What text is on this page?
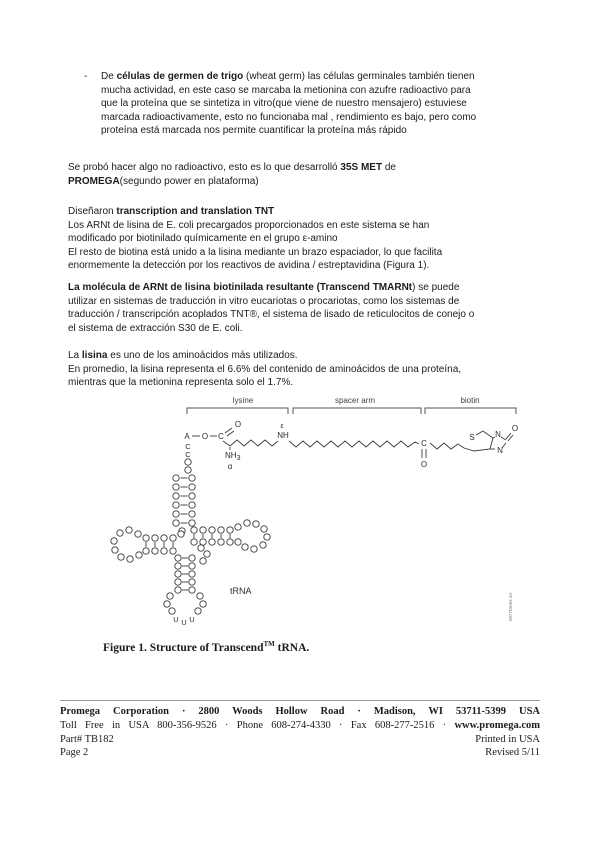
-	De células de germen de trigo (wheat germ) las células germinales también tienen
mucha actividad, en este caso se marcaba la metionina con azufre radioactivo para
que la proteína que se sintetiza in vitro(que viene de nuestro mensajero) estuviese
marcada radioactivamente, esto no funcionaba mal , rendimiento es bajo, pero como
proteína está marcada nos permite cuantificar la proteína más rápido
Se probó hacer algo no radioactivo, esto es lo que desarrolló 35S MET de
PROMEGA(segundo power en plataforma)
Diseñaron transcription and translation TNT
Los ARNt de lisina de E. coli precargados proporcionados en este sistema se han
modificado por biotinilado químicamente en el grupo ε-amino
El resto de biotina está unido a la lisina mediante un brazo espaciador, lo que facilita
enormemente la detección por los reactivos de avidina / estreptavidina (Figura 1).
La molécula de ARNt de lisina biotinilada resultante (Transcend TMARNt) se puede
utilizar en sistemas de traducción in vitro eucariotas o procariotas, como los sistemas de
traducción / transcripción acoplados TNT®, el sistema de lisado de reticulocitos de conejo o
el sistema de extracción S30 de E. coli.
La lisina es uno de los aminoácidos más utilizados.
En promedio, la lisina representa el 6.6% del contenido de aminoácidos de una proteína,
mientras que la metionina representa solo el 1.7%.
lysine	spacer arm	biotin
A O C
O
NH3
α
ε
NH
C
O
S	N
O
N
C
C
U U U
tRNA
0977MA04 3A
Figure 1. Structure of Transcend™ tRNA.
Promega Corporation · 2800 Woods Hollow Road · Madison, WI 53711-5399 USA
Toll Free in USA 800-356-9526 · Phone 608-274-4330 · Fax 608-277-2516 · www.promega.com
Part# TB182	Printed in USA
Page 2	Revised 5/11
